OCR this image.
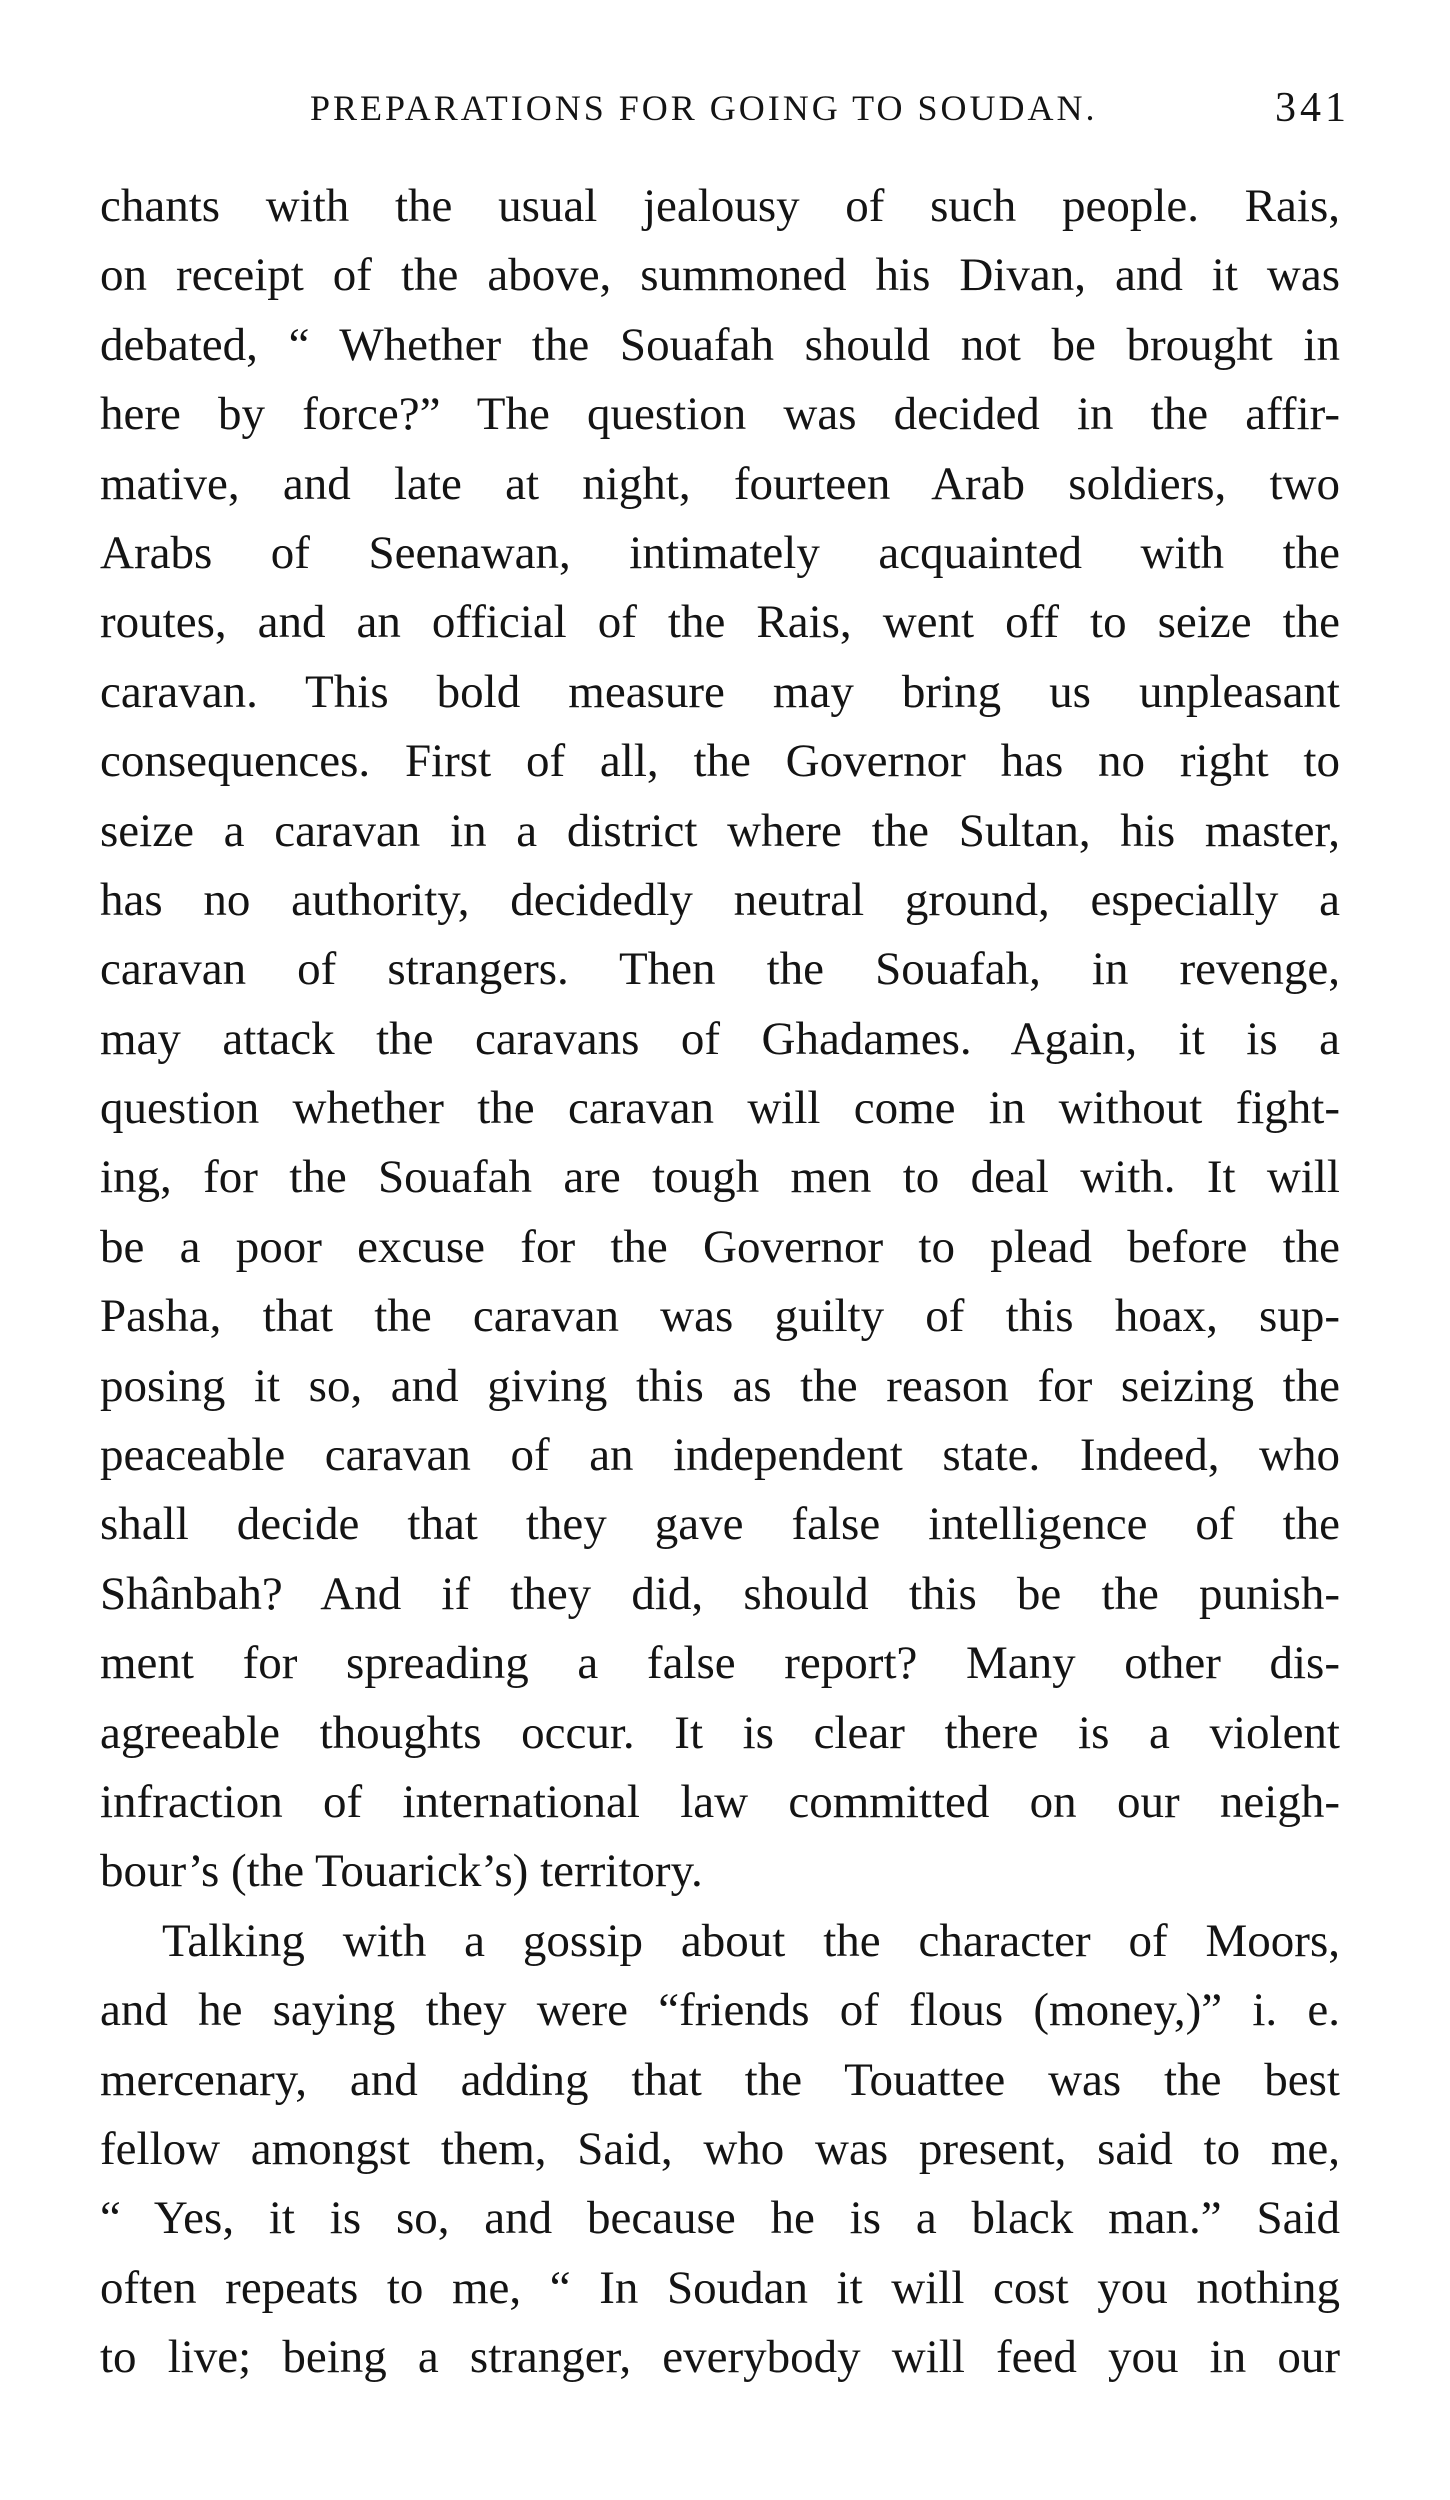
PREPARATIONS FOR GOING TO SOUDAN.	341
chants with the usual jealousy of such people. Rais,
on receipt of the above, summoned his Divan, and it was
debated, “ Whether the Souafah should not be brought in
here by force?” The question was decided in the affir-
mative, and late at night, fourteen Arab soldiers, two
Arabs of Seenawan, intimately acquainted with the
routes, and an official of the Rais, went off to seize the
caravan. This bold measure may bring us unpleasant
consequences. First of all, the Governor has no right to
seize a caravan in a district where the Sultan, his master,
has no authority, decidedly neutral ground, especially a
caravan of strangers. Then the Souafah, in revenge,
may attack the caravans of Ghadames. Again, it is a
question whether the caravan will come in without fight-
ing, for the Souafah are tough men to deal with. It will
be a poor excuse for the Governor to plead before the
Pasha, that the caravan was guilty of this hoax, sup-
posing it so, and giving this as the reason for seizing the
peaceable caravan of an independent state. Indeed, who
shall decide that they gave false intelligence of the
Shânbah? And if they did, should this be the punish-
ment for spreading a false report? Many other dis-
agreeable thoughts occur. It is clear there is a violent
infraction of international law committed on our neigh-
bour’s (the Touarick’s) territory.
Talking with a gossip about the character of Moors,
and he saying they were “friends of flous (money,)” i. e.
mercenary, and adding that the Touattee was the best
fellow amongst them, Said, who was present, said to me,
“ Yes, it is so, and because he is a black man.” Said
often repeats to me, “ In Soudan it will cost you nothing
to live; being a stranger, everybody will feed you in our
